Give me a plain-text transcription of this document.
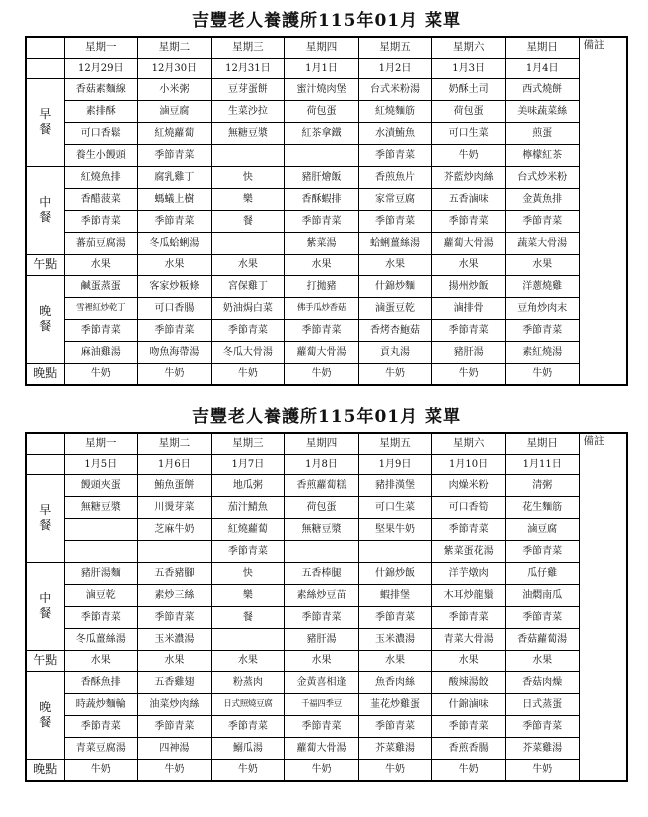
吉豐老人養護所115年01月 菜單
	星期一	星期二	星期三	星期四	星期五	星期六	星期日	備註
	12月29日	12月30日	12月31日	1月1日	1月2日	1月3日	1月4日	
早
餐	香菇素麵線	小米粥	豆芽蛋餅	蜜汁燒肉堡	台式米粉湯	奶酥土司	西式燒餅	
	素排酥	滷豆腐	生菜沙拉	荷包蛋	紅燒麵筋	荷包蛋	美味蔬菜絲	
	可口香鬆	紅燒蘿蔔	無糖豆漿	紅茶拿鐵	水漬鮪魚	可口生菜	煎蛋	
	養生小饅頭	季節青菜			季節青菜	牛奶	檸檬紅茶	
中
餐	紅燒魚排	腐乳雞丁	快	豬肝燴飯	香煎魚片	芥藍炒肉絲	台式炒米粉	
	香醋菠菜	螞蟻上樹	樂	香酥蝦排	家常豆腐	五香滷味	金黃魚排	
	季節青菜	季節青菜	餐	季節青菜	季節青菜	季節青菜	季節青菜	
	蕃茄豆腐湯	冬瓜蛤蜊湯		紫菜湯	蛤蜊薑絲湯	蘿蔔大骨湯	蔬菜大骨湯	
午點	水果	水果	水果	水果	水果	水果	水果	
晚
餐	鹹蛋蒸蛋	客家炒粄條	宮保雞丁	打拋豬	什錦炒麵	揚州炒飯	洋蔥燒雞	
	雪裡紅炒乾丁	可口香腸	奶油焗白菜	佛手瓜炒香菇	滷蛋豆乾	滷排骨	豆角炒肉末	
	季節青菜	季節青菜	季節青菜	季節青菜	香烤杏鮑菇	季節青菜	季節青菜	
	麻油雞湯	吻魚海帶湯	冬瓜大骨湯	蘿蔔大骨湯	貢丸湯	豬肝湯	素紅燒湯	
晚點	牛奶	牛奶	牛奶	牛奶	牛奶	牛奶	牛奶	
吉豐老人養護所115年01月 菜單
	星期一	星期二	星期三	星期四	星期五	星期六	星期日	備註
	1月5日	1月6日	1月7日	1月8日	1月9日	1月10日	1月11日	
早
餐	饅頭夾蛋	鮪魚蛋餅	地瓜粥	香煎蘿蔔糕	豬排漢堡	肉燥米粉	清粥	
	無糖豆漿	川燙芽菜	茄汁鯖魚	荷包蛋	可口生菜	可口香筍	花生麵筋	
		芝麻牛奶	紅燒蘿蔔	無糖豆漿	堅果牛奶	季節青菜	滷豆腐	
			季節青菜			紫菜蛋花湯	季節青菜	
中
餐	豬肝湯麵	五香豬腳	快	五香棒腿	什錦炒飯	洋芋燉肉	瓜仔雞	
	滷豆乾	素炒三絲	樂	素絲炒豆苗	蝦排堡	木耳炒龍鬚	油燜南瓜	
	季節青菜	季節青菜	餐	季節青菜	季節青菜	季節青菜	季節青菜	
	冬瓜薑絲湯	玉米濃湯		豬肝湯	玉米濃湯	青菜大骨湯	香菇蘿蔔湯	
午點	水果	水果	水果	水果	水果	水果	水果	
晚
餐	香酥魚排	五香雞翅	粉蒸肉	金黃喜相逢	魚香肉絲	酸辣湯餃	香菇肉燥	
	時蔬炒麵輪	油菜炒肉絲	日式照燒豆腐	千福四季豆	韮花炒雞蛋	什錦滷味	日式蒸蛋	
	季節青菜	季節青菜	季節青菜	季節青菜	季節青菜	季節青菜	季節青菜	
	青菜豆腐湯	四神湯	鰯瓜湯	蘿蔔大骨湯	芥菜雞湯	香煎香腸	芥菜雞湯	
晚點	牛奶	牛奶	牛奶	牛奶	牛奶	牛奶	牛奶	
